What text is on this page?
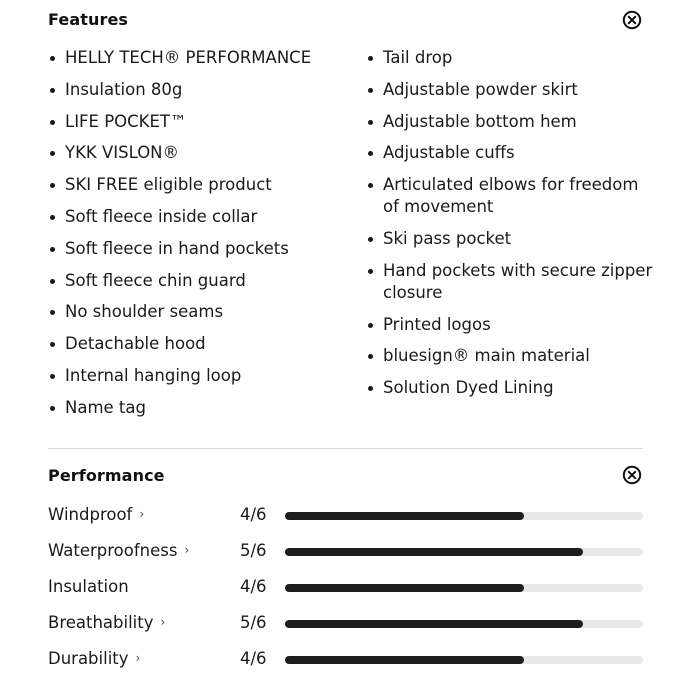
Features
HELLY TECH® PERFORMANCE
Insulation 80g
LIFE POCKET™
YKK VISLON®
SKI FREE eligible product
Soft fleece inside collar
Soft fleece in hand pockets
Soft fleece chin guard
No shoulder seams
Detachable hood
Internal hanging loop
Name tag
Tail drop
Adjustable powder skirt
Adjustable bottom hem
Adjustable cuffs
Articulated elbows for freedom of movement
Ski pass pocket
Hand pockets with secure zipper closure
Printed logos
bluesign® main material
Solution Dyed Lining
Performance
Windproof ›	4/6
Waterproofness ›	5/6
Insulation	4/6
Breathability ›	5/6
Durability ›	4/6
